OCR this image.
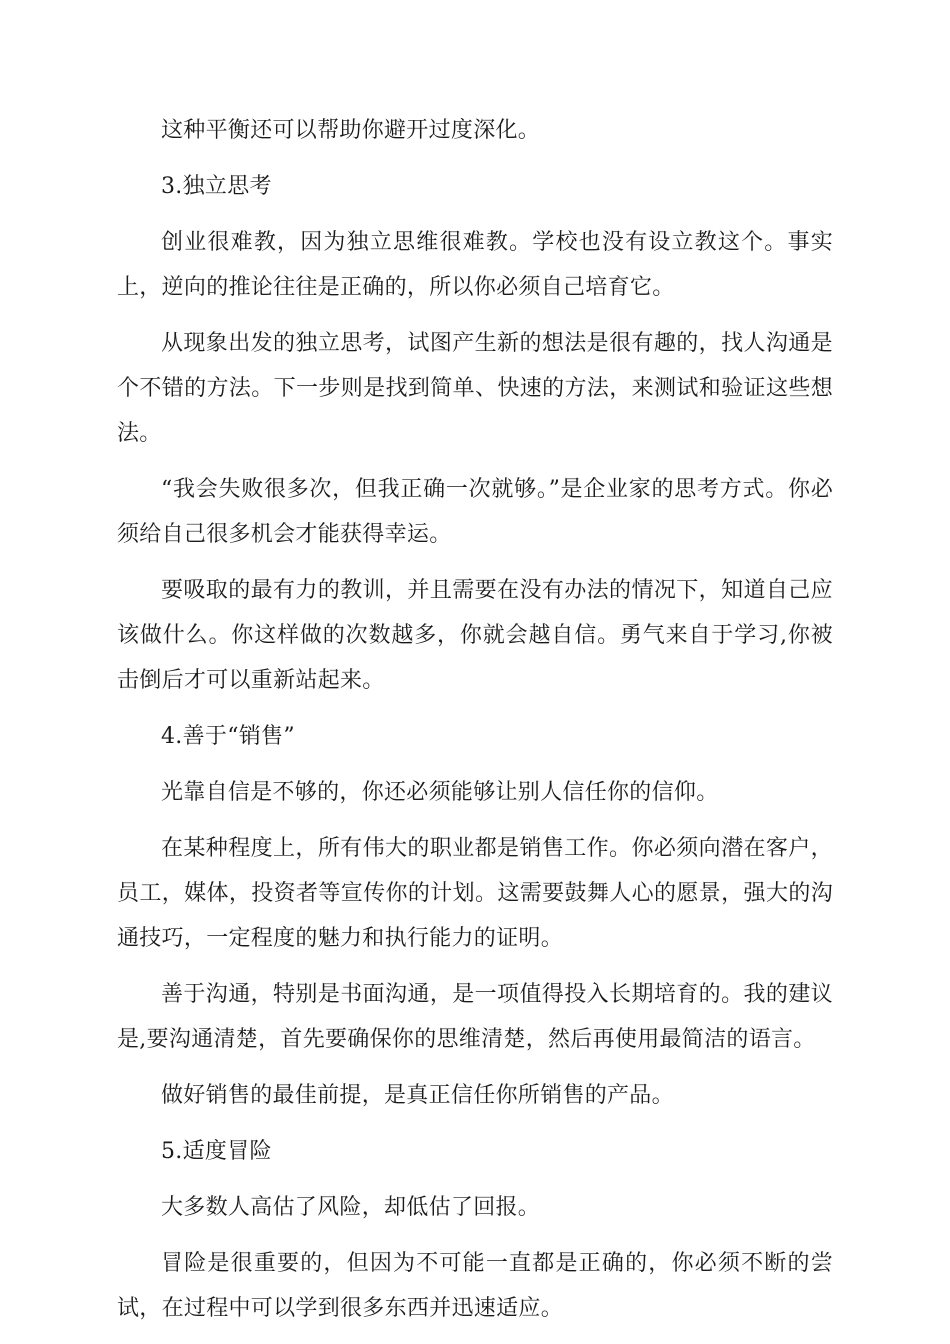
这种平衡还可以帮助你避开过度深化。

3.独立思考

创业很难教，因为独立思维很难教。学校也没有设立教这个。事实上，逆向的推论往往是正确的，所以你必须自己培育它。

从现象出发的独立思考，试图产生新的想法是很有趣的，找人沟通是个不错的方法。下一步则是找到简单、快速的方法，来测试和验证这些想法。

“我会失败很多次，但我正确一次就够。”是企业家的思考方式。你必须给自己很多机会才能获得幸运。

要吸取的最有力的教训，并且需要在没有办法的情况下，知道自己应该做什么。你这样做的次数越多，你就会越自信。勇气来自于学习,你被击倒后才可以重新站起来。

4.善于“销售”

光靠自信是不够的，你还必须能够让别人信任你的信仰。

在某种程度上，所有伟大的职业都是销售工作。你必须向潜在客户，员工，媒体，投资者等宣传你的计划。这需要鼓舞人心的愿景，强大的沟通技巧，一定程度的魅力和执行能力的证明。

善于沟通，特别是书面沟通，是一项值得投入长期培育的。我的建议是,要沟通清楚，首先要确保你的思维清楚，然后再使用最简洁的语言。

做好销售的最佳前提，是真正信任你所销售的产品。

5.适度冒险

大多数人高估了风险，却低估了回报。

冒险是很重要的，但因为不可能一直都是正确的，你必须不断的尝试，在过程中可以学到很多东西并迅速适应。
